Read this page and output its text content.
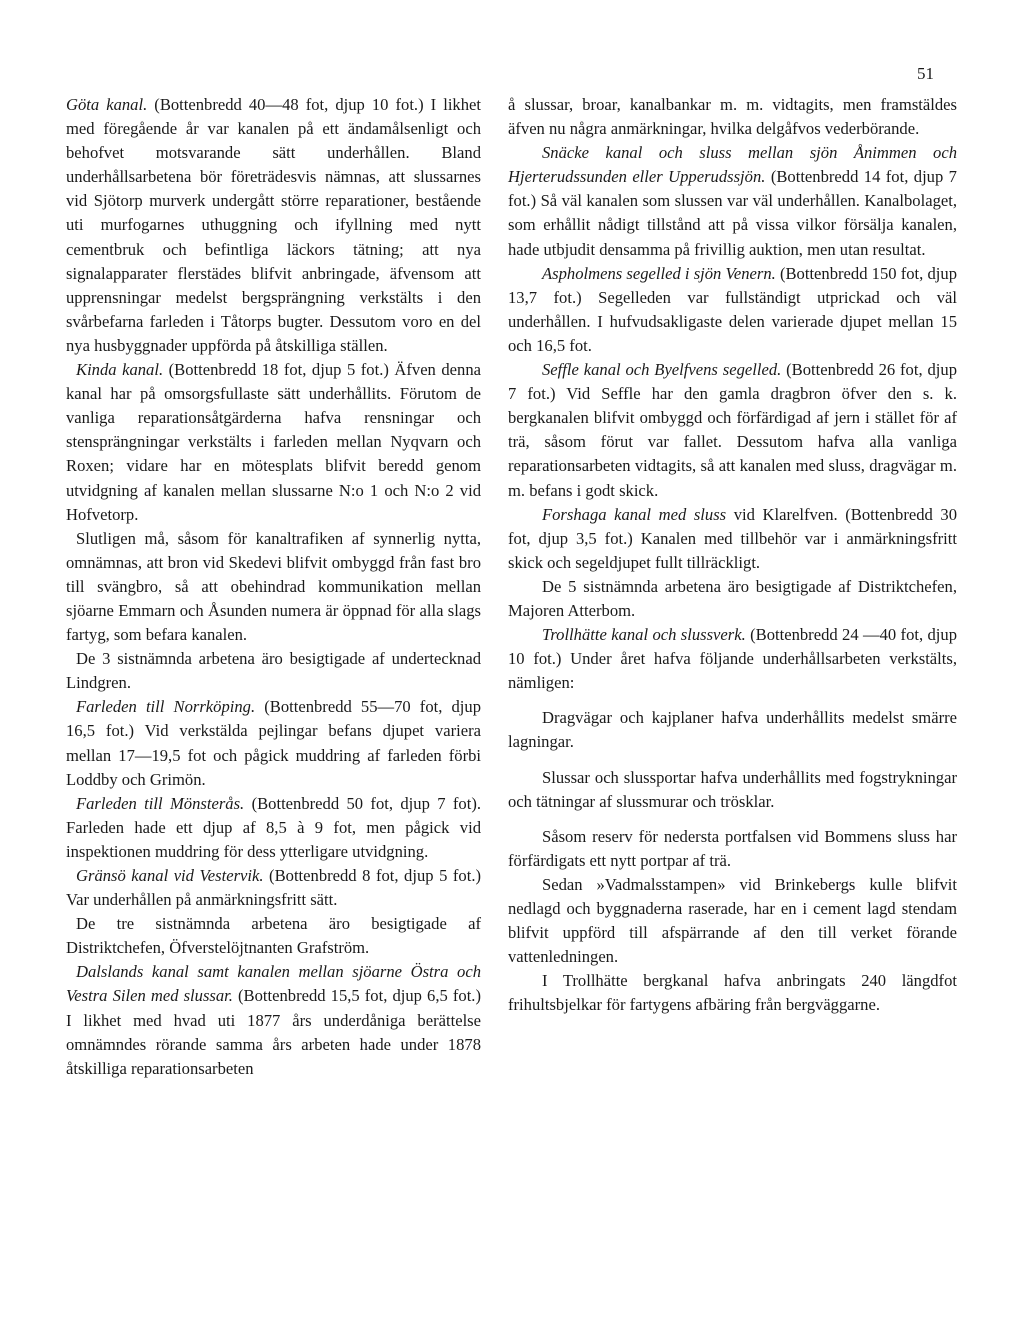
51

Göta kanal. (Bottenbredd 40—48 fot, djup 10 fot.) I likhet med föregående år var kanalen på ett ändamålsenligt och behofvet motsvarande sätt underhållen. Bland underhållsarbetena bör företrädesvis nämnas, att slussarnes vid Sjötorp murverk undergått större reparationer, bestående uti murfogarnes uthuggning och ifyllning med nytt cementbruk och befintliga läckors tätning; att nya signalapparater flerstädes blifvit anbringade, äfvensom att upprensningar medelst bergsprängning verkstälts i den svårbefarna farleden i Tåtorps bugter. Dessutom voro en del nya husbyggnader uppförda på åtskilliga ställen.

Kinda kanal. (Bottenbredd 18 fot, djup 5 fot.) Äfven denna kanal har på omsorgsfullaste sätt underhållits. Förutom de vanliga reparationsåtgärderna hafva rensningar och stensprängningar verkstälts i farleden mellan Nyqvarn och Roxen; vidare har en mötesplats blifvit beredd genom utvidgning af kanalen mellan slussarne N:o 1 och N:o 2 vid Hofvetorp.

Slutligen må, såsom för kanaltrafiken af synnerlig nytta, omnämnas, att bron vid Skedevi blifvit ombyggd från fast bro till svängbro, så att obehindrad kommunikation mellan sjöarne Emmarn och Åsunden numera är öppnad för alla slags fartyg, som befara kanalen.

De 3 sistnämnda arbetena äro besigtigade af undertecknad Lindgren.

Farleden till Norrköping. (Bottenbredd 55—70 fot, djup 16,5 fot.) Vid verkstälda pejlingar befans djupet variera mellan 17—19,5 fot och pågick muddring af farleden förbi Loddby och Grimön.

Farleden till Mönsterås. (Bottenbredd 50 fot, djup 7 fot). Farleden hade ett djup af 8,5 à 9 fot, men pågick vid inspektionen muddring för dess ytterligare utvidgning.

Gränsö kanal vid Vestervik. (Bottenbredd 8 fot, djup 5 fot.) Var underhållen på anmärkningsfritt sätt.

De tre sistnämnda arbetena äro besigtigade af Distriktchefen, Öfverstelöjtnanten Grafström.

Dalslands kanal samt kanalen mellan sjöarne Östra och Vestra Silen med slussar. (Bottenbredd 15,5 fot, djup 6,5 fot.) I likhet med hvad uti 1877 års underdåniga berättelse omnämndes rörande samma års arbeten hade under 1878 åtskilliga reparationsarbeten

å slussar, broar, kanalbankar m. m. vidtagits, men framstäldes äfven nu några anmärkningar, hvilka delgåfvos vederbörande.

Snäcke kanal och sluss mellan sjön Ånimmen och Hjerterudssunden eller Upperudssjön. (Bottenbredd 14 fot, djup 7 fot.) Så väl kanalen som slussen var väl underhållen. Kanalbolaget, som erhållit nådigt tillstånd att på vissa vilkor försälja kanalen, hade utbjudit densamma på frivillig auktion, men utan resultat.

Aspholmens segelled i sjön Venern. (Bottenbredd 150 fot, djup 13,7 fot.) Segelleden var fullständigt utprickad och väl underhållen. I hufvudsakligaste delen varierade djupet mellan 15 och 16,5 fot.

Seffle kanal och Byelfvens segelled. (Bottenbredd 26 fot, djup 7 fot.) Vid Seffle har den gamla dragbron öfver den s. k. bergkanalen blifvit ombyggd och förfärdigad af jern i stället för af trä, såsom förut var fallet. Dessutom hafva alla vanliga reparationsarbeten vidtagits, så att kanalen med sluss, dragvägar m. m. befans i godt skick.

Forshaga kanal med sluss vid Klarelfven. (Bottenbredd 30 fot, djup 3,5 fot.) Kanalen med tillbehör var i anmärkningsfritt skick och segeldjupet fullt tillräckligt.

De 5 sistnämnda arbetena äro besigtigade af Distriktchefen, Majoren Atterbom.

Trollhätte kanal och slussverk. (Bottenbredd 24 —40 fot, djup 10 fot.) Under året hafva följande underhållsarbeten verkstälts, nämligen:

Dragvägar och kajplaner hafva underhållits medelst smärre lagningar.

Slussar och slussportar hafva underhållits med fogstrykningar och tätningar af slussmurar och trösklar.

Såsom reserv för nedersta portfalsen vid Bommens sluss har förfärdigats ett nytt portpar af trä.

Sedan »Vadmalsstampen» vid Brinkebergs kulle blifvit nedlagd och byggnaderna raserade, har en i cement lagd stendam blifvit uppförd till afspärrande af den till verket förande vattenledningen.

I Trollhätte bergkanal hafva anbringats 240 längdfot frihultsbjelkar för fartygens afbäring från bergväggarne.
